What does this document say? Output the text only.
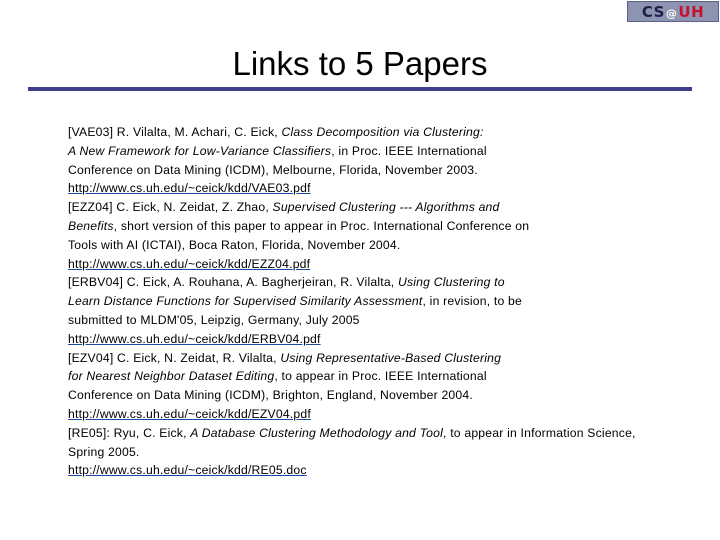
CS@UH
Links to 5 Papers
[VAE03] R. Vilalta, M. Achari, C. Eick, Class Decomposition via Clustering:
A New Framework for Low-Variance Classifiers, in Proc. IEEE International
Conference on Data Mining (ICDM), Melbourne, Florida, November 2003.
http://www.cs.uh.edu/~ceick/kdd/VAE03.pdf
[EZZ04] C. Eick, N. Zeidat, Z. Zhao, Supervised Clustering --- Algorithms and
Benefits, short version of this paper to appear in Proc. International Conference on
Tools with AI (ICTAI), Boca Raton, Florida, November 2004.
http://www.cs.uh.edu/~ceick/kdd/EZZ04.pdf
[ERBV04] C. Eick, A. Rouhana, A. Bagherjeiran, R. Vilalta, Using Clustering to
Learn Distance Functions for Supervised Similarity Assessment, in revision, to be
submitted to MLDM'05, Leipzig, Germany, July 2005
http://www.cs.uh.edu/~ceick/kdd/ERBV04.pdf
[EZV04] C. Eick, N. Zeidat, R. Vilalta, Using Representative-Based Clustering
for Nearest Neighbor Dataset Editing, to appear in Proc. IEEE International
Conference on Data Mining (ICDM), Brighton, England, November 2004.
http://www.cs.uh.edu/~ceick/kdd/EZV04.pdf
[RE05]: Ryu, C. Eick, A Database Clustering Methodology and Tool, to appear in Information Science,
Spring 2005.
http://www.cs.uh.edu/~ceick/kdd/RE05.doc
